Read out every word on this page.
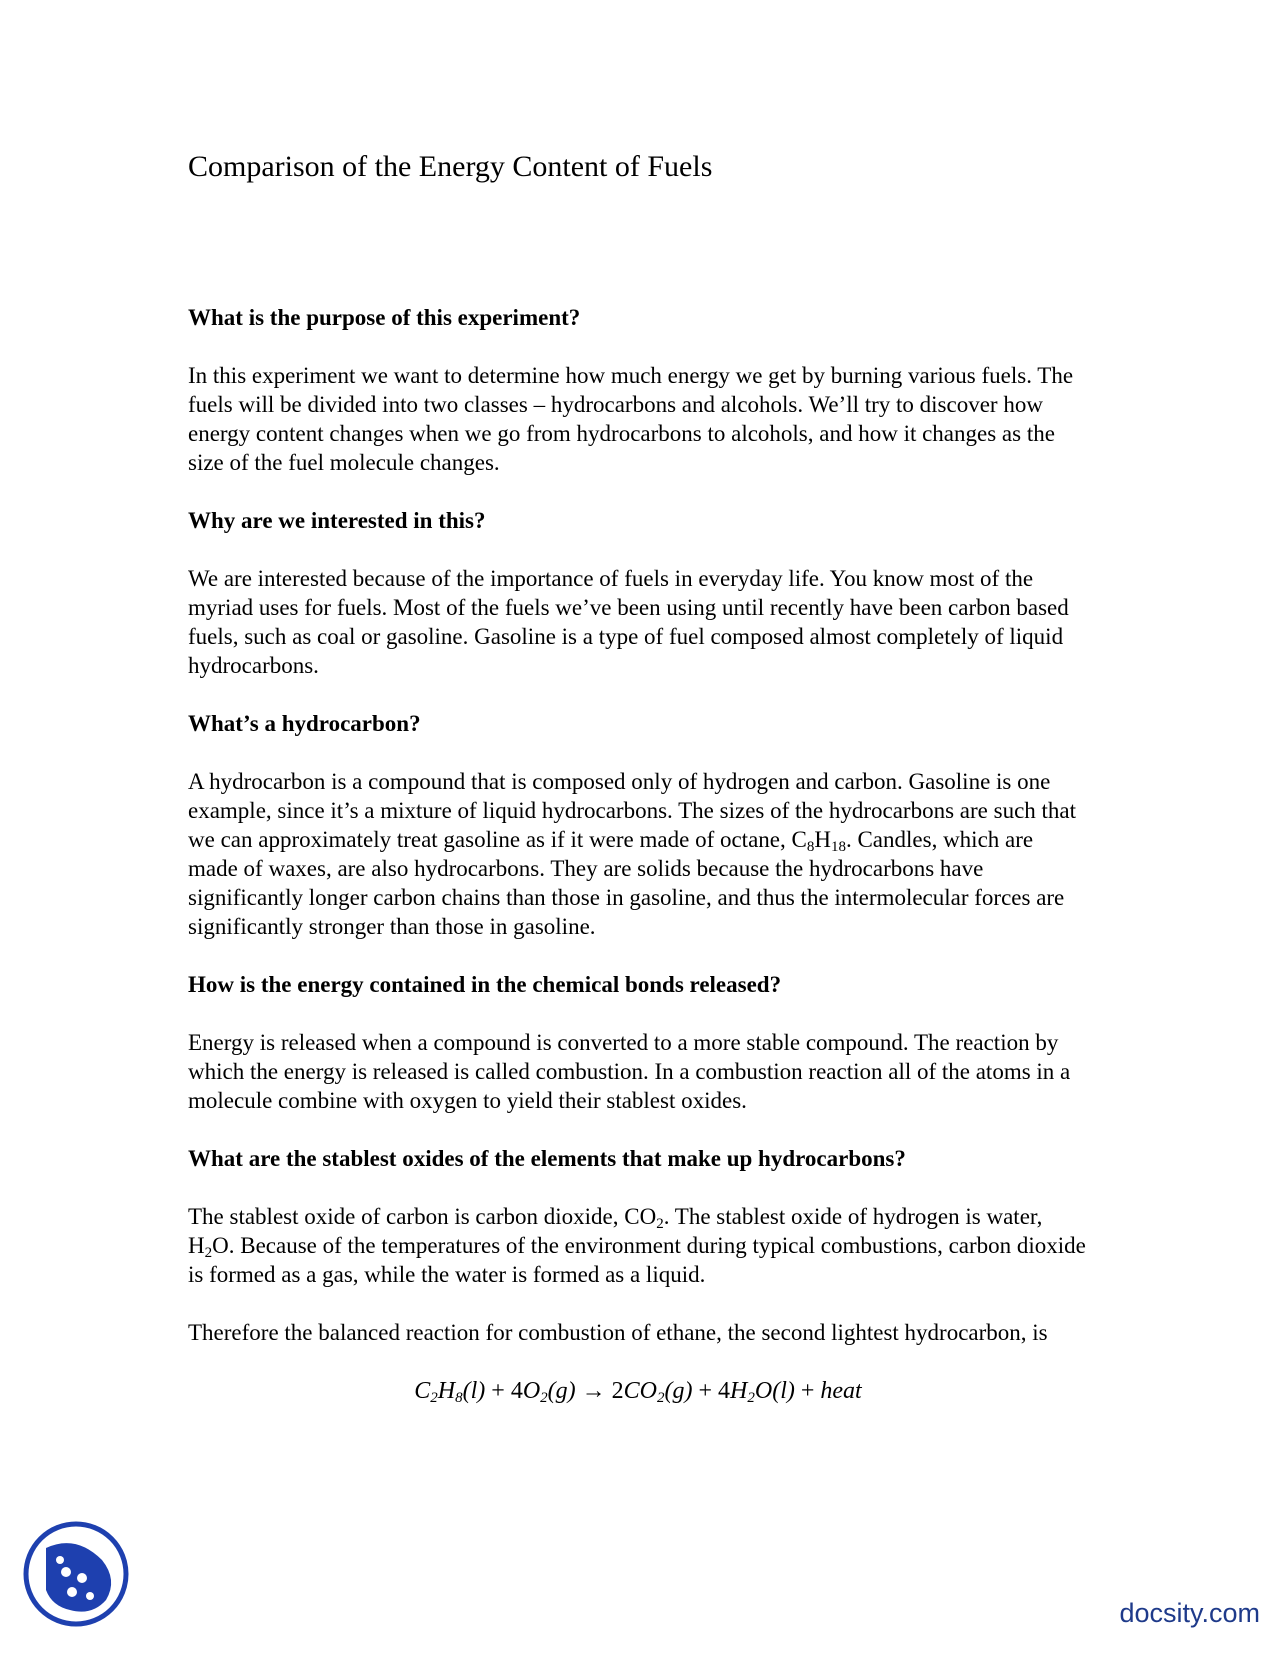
Comparison of the Energy Content of Fuels
What is the purpose of this experiment?

In this experiment we want to determine how much energy we get by burning various fuels. The fuels will be divided into two classes – hydrocarbons and alcohols. We’ll try to discover how energy content changes when we go from hydrocarbons to alcohols, and how it changes as the size of the fuel molecule changes.

Why are we interested in this?

We are interested because of the importance of fuels in everyday life. You know most of the myriad uses for fuels. Most of the fuels we’ve been using until recently have been carbon based fuels, such as coal or gasoline. Gasoline is a type of fuel composed almost completely of liquid hydrocarbons.

What’s a hydrocarbon?

A hydrocarbon is a compound that is composed only of hydrogen and carbon. Gasoline is one example, since it’s a mixture of liquid hydrocarbons. The sizes of the hydrocarbons are such that we can approximately treat gasoline as if it were made of octane, $C_8H_{18}$. Candles, which are made of waxes, are also hydrocarbons. They are solids because the hydrocarbons have significantly longer carbon chains than those in gasoline, and thus the intermolecular forces are significantly stronger than those in gasoline.

How is the energy contained in the chemical bonds released?

Energy is released when a compound is converted to a more stable compound. The reaction by which the energy is released is called combustion. In a combustion reaction all of the atoms in a molecule combine with oxygen to yield their stablest oxides.

What are the stablest oxides of the elements that make up hydrocarbons?

The stablest oxide of carbon is carbon dioxide, $CO_2$. The stablest oxide of hydrogen is water, $H_2O$. Because of the temperatures of the environment during typical combustions, carbon dioxide is formed as a gas, while the water is formed as a liquid.

Therefore the balanced reaction for combustion of ethane, the second lightest hydrocarbon, is

$C_2H_8(l) + 4O_2(g) \to 2CO_2(g) + 4H_2O(l)$ + heat
docsity.com
